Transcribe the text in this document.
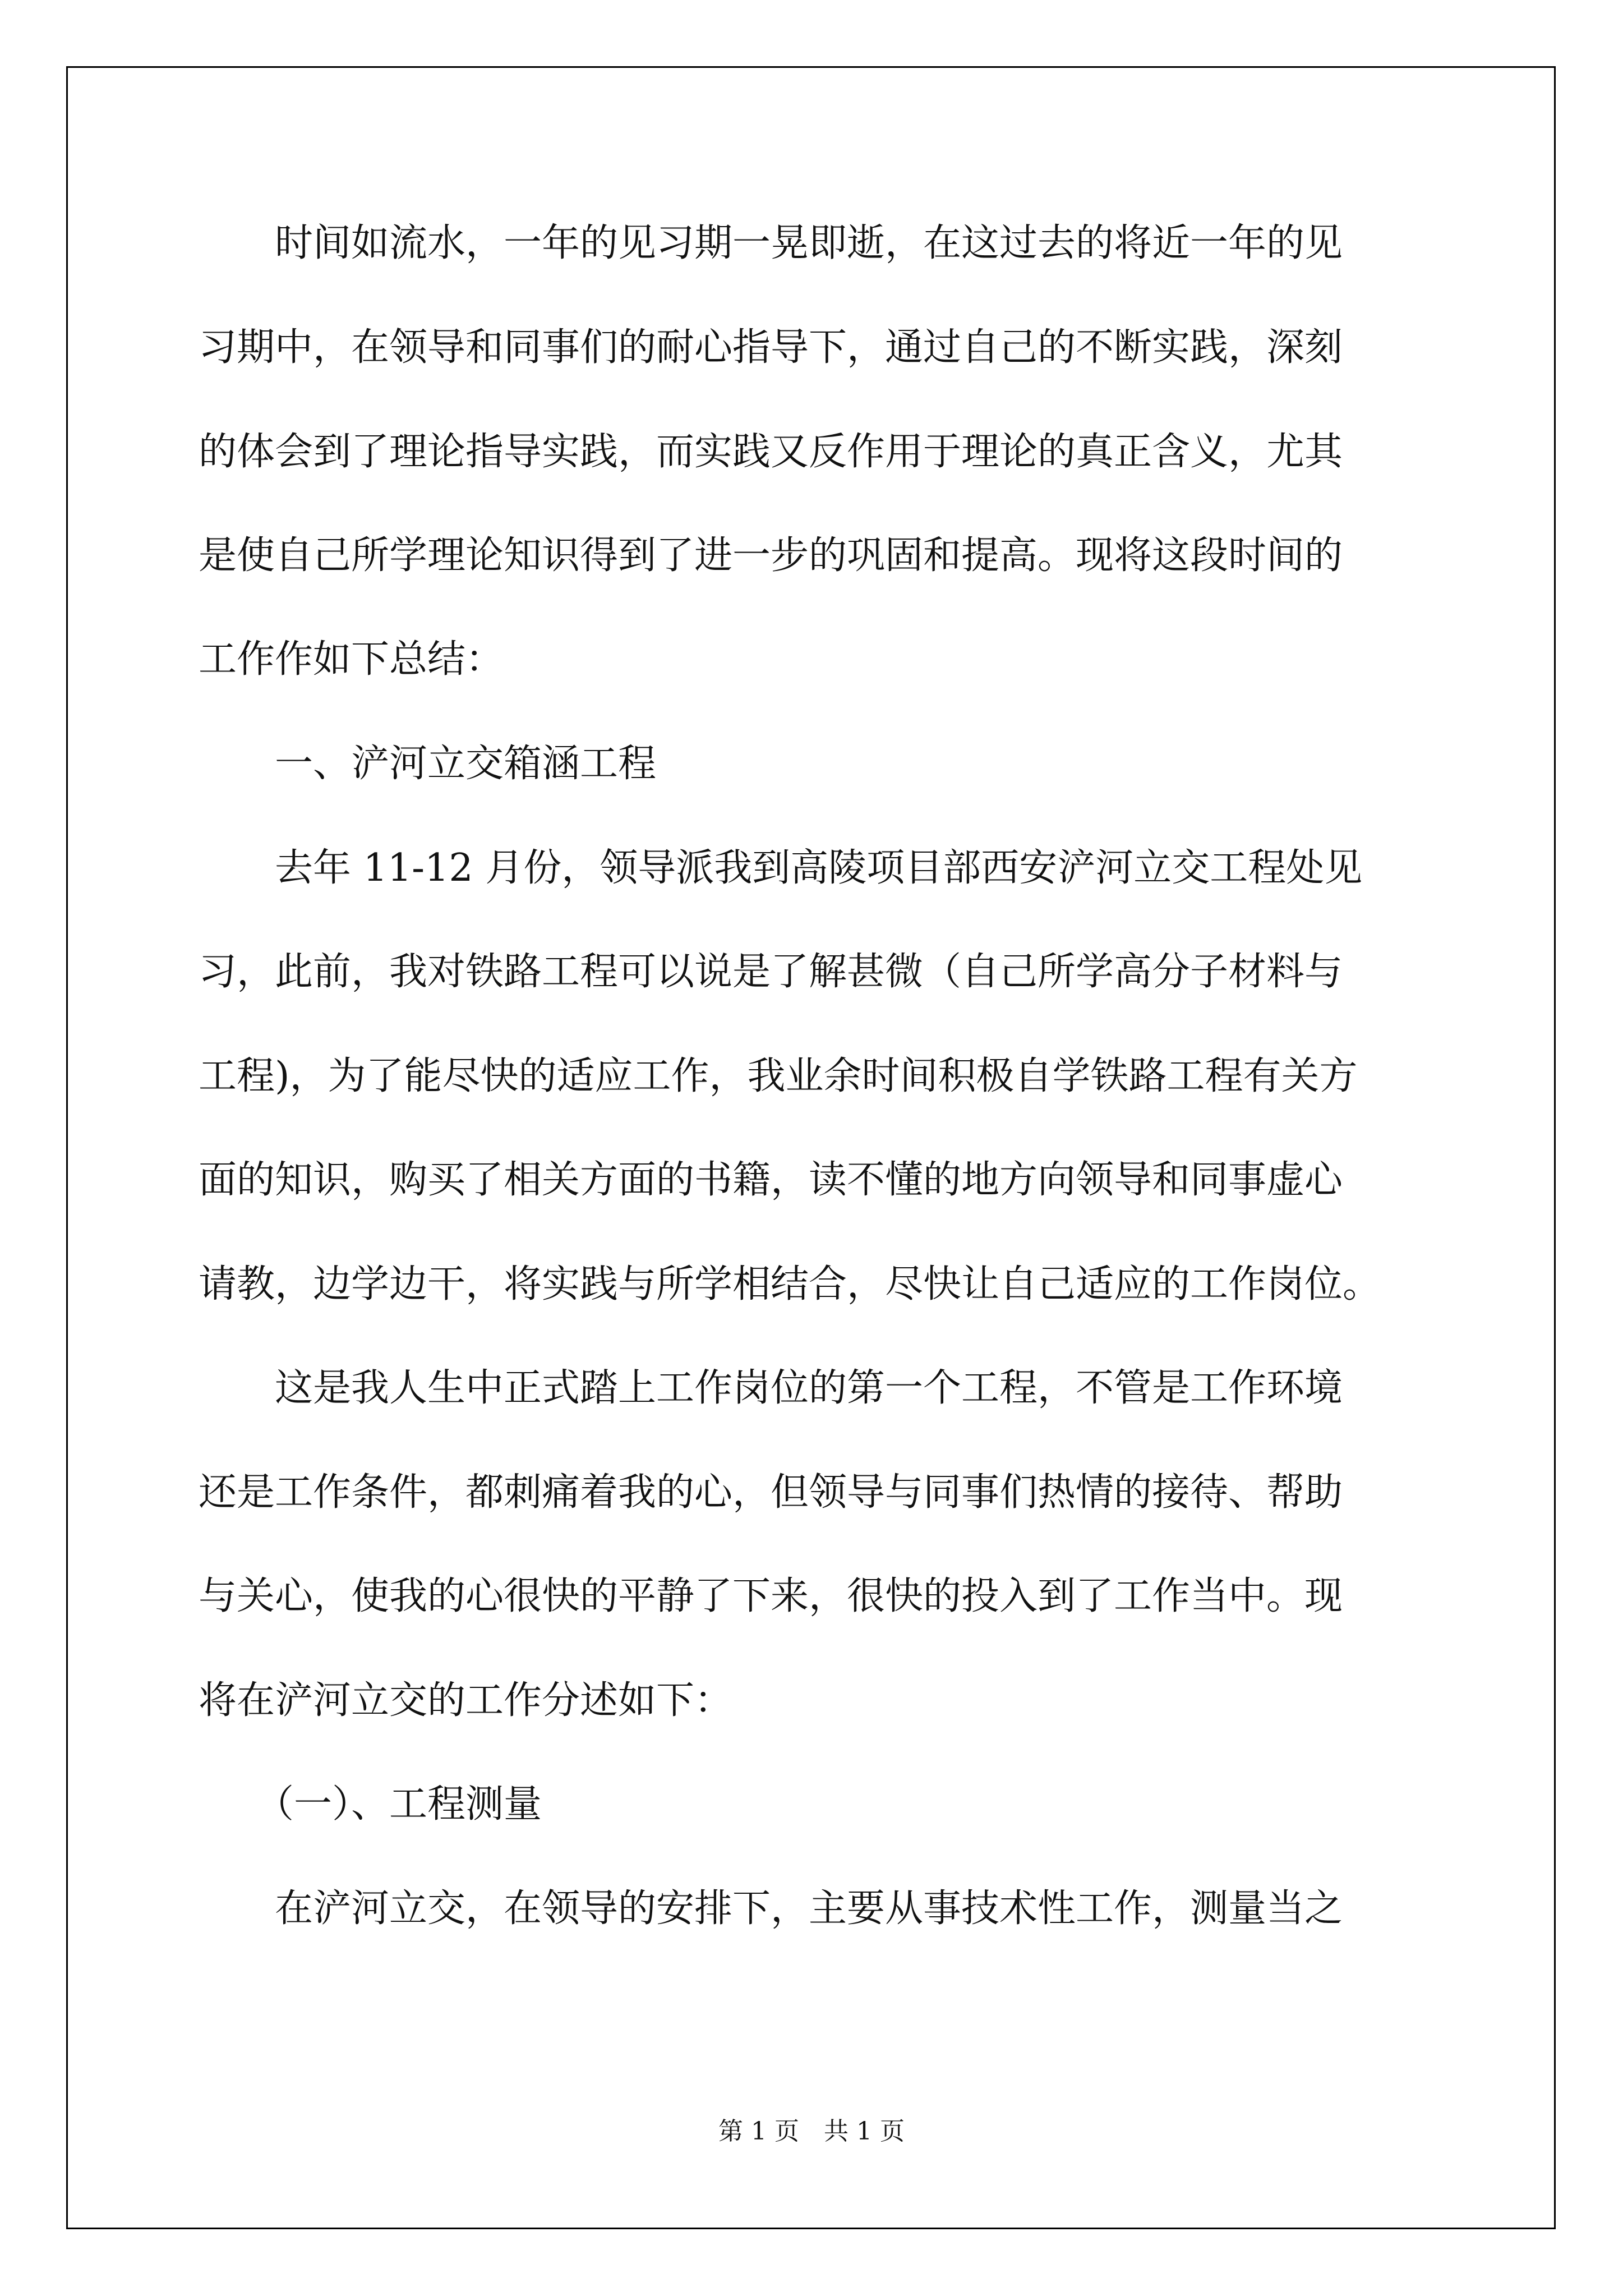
　　时间如流水，一年的见习期一晃即逝，在这过去的将近一年的见
习期中，在领导和同事们的耐心指导下，通过自己的不断实践，深刻
的体会到了理论指导实践，而实践又反作用于理论的真正含义，尤其
是使自己所学理论知识得到了进一步的巩固和提高。现将这段时间的
工作作如下总结：
　　一、浐河立交箱涵工程
　　去年 11-12 月份，领导派我到高陵项目部西安浐河立交工程处见
习，此前，我对铁路工程可以说是了解甚微（自己所学高分子材料与
工程)，为了能尽快的适应工作，我业余时间积极自学铁路工程有关方
面的知识，购买了相关方面的书籍，读不懂的地方向领导和同事虚心
请教，边学边干，将实践与所学相结合，尽快让自己适应的工作岗位。
　　这是我人生中正式踏上工作岗位的第一个工程，不管是工作环境
还是工作条件，都刺痛着我的心，但领导与同事们热情的接待、帮助
与关心，使我的心很快的平静了下来，很快的投入到了工作当中。现
将在浐河立交的工作分述如下：
　　（一）、工程测量
　　在浐河立交，在领导的安排下，主要从事技术性工作，测量当之
第 1 页　共 1 页
